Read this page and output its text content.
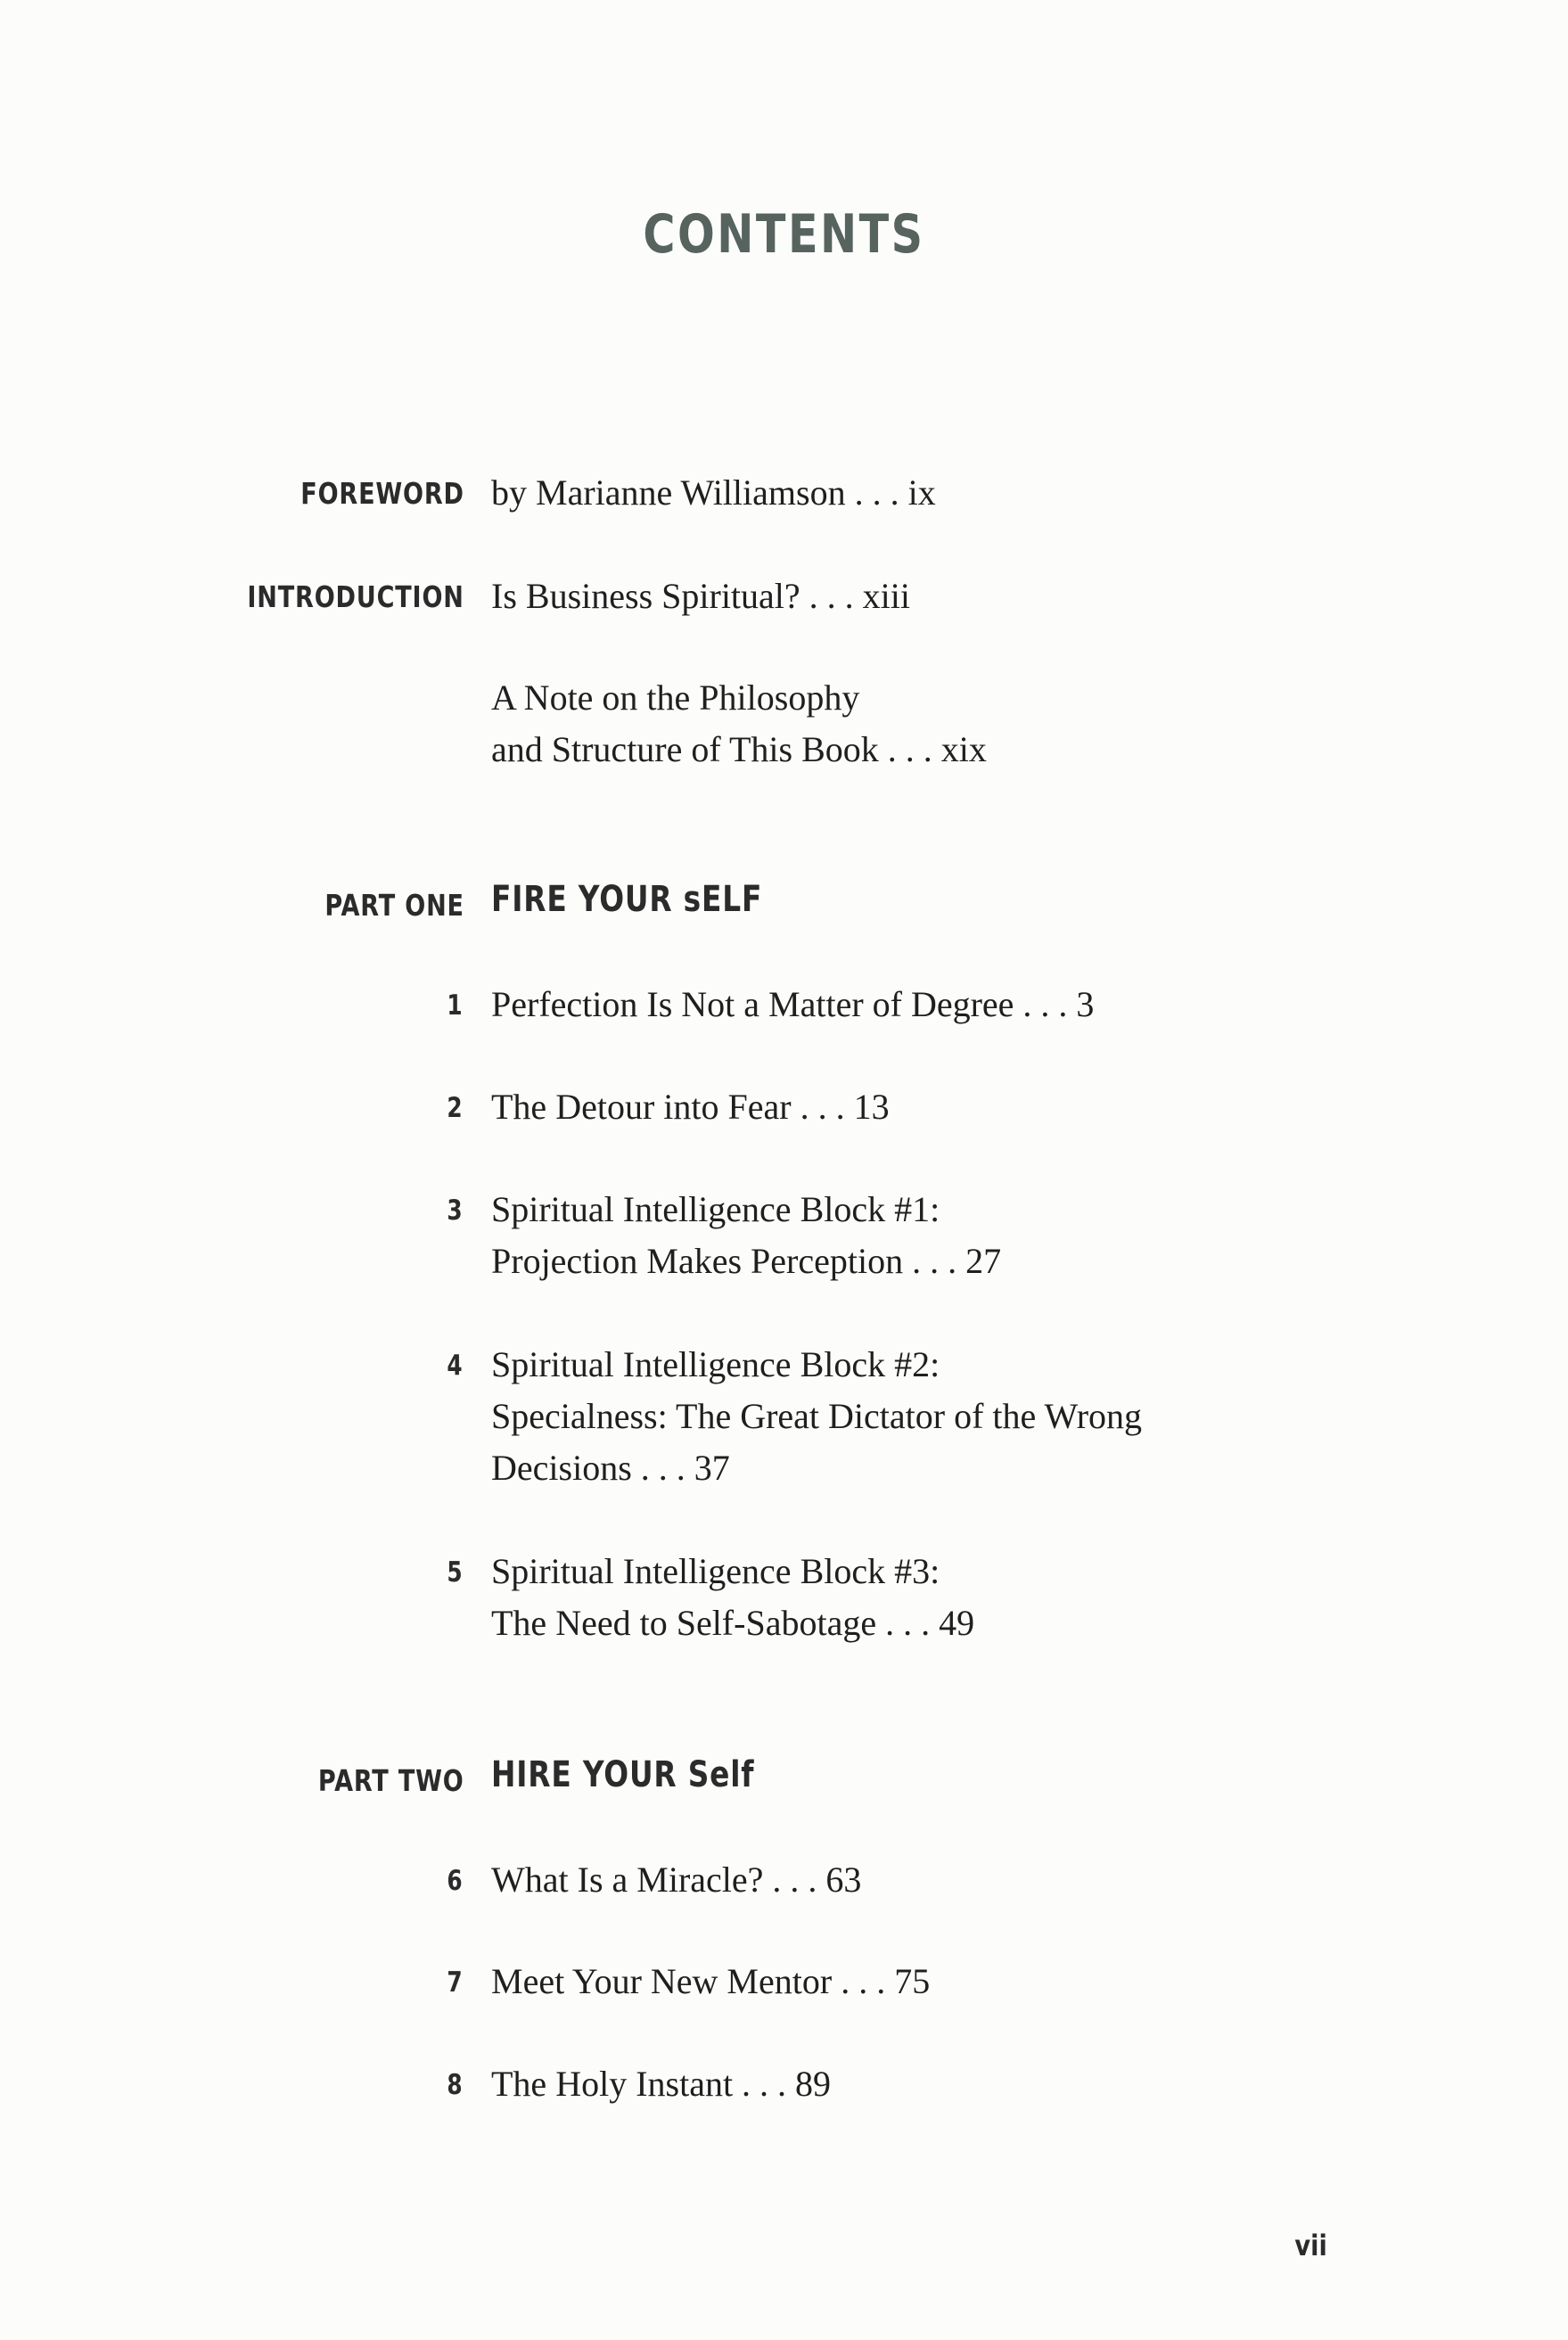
CONTENTS
FOREWORD by Marianne Williamson . . . ix
INTRODUCTION Is Business Spiritual? . . . xiii
A Note on the Philosophy
and Structure of This Book . . . xix
PART ONE FIRE YOUR sELF
1 Perfection Is Not a Matter of Degree . . . 3
2 The Detour into Fear . . . 13
3 Spiritual Intelligence Block #1:
Projection Makes Perception . . . 27
4 Spiritual Intelligence Block #2:
Specialness: The Great Dictator of the Wrong
Decisions . . . 37
5 Spiritual Intelligence Block #3:
The Need to Self-Sabotage . . . 49
PART TWO HIRE YOUR Self
6 What Is a Miracle? . . . 63
7 Meet Your New Mentor . . . 75
8 The Holy Instant . . . 89
vii
